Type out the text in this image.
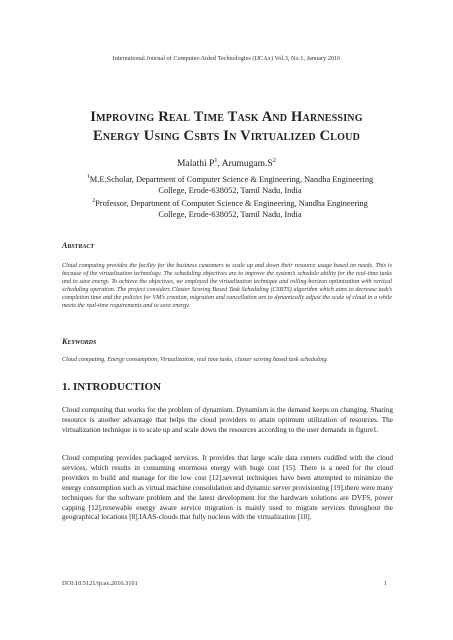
International Journal of Computer-Aided Technologies (IJCAx) Vol.3, No.1, January 2016
Improving Real Time Task And Harnessing
Energy Using Csbts In Virtualized Cloud
Malathi $P^1$, $Arumugam.S^2$
$^1$M.E.Scholar, Department of Computer Science & Engineering, Nandha Engineering
College, Erode-638052, Tamil Nadu, India
$^2$Professor, Department of Computer Science & Engineering, Nandha Engineering
College, Erode-638052, Tamil Nadu, India
Abstract
Cloud computing provides the facility for the business customers to scale up and down their resource usage based on needs. This is because of the virtualization technology. The scheduling objectives are to improve the system’s schedule ability for the real-time tasks and to save energy. To achieve the objectives, we employed the virtualization technique and rolling-horizon optimization with vertical scheduling operation. The project considers Cluster Scoring Based Task Scheduling (CSBTS) algorithm which aims to decrease task’s completion time and the policies for VM’s creation, migration and cancellation are to dynamically adjust the scale of cloud in a while meets the real-time requirements and to save energy.
Keywords
Cloud computing, Energy consumption, Virtualization, real time tasks, cluster scoring based task scheduling.
1. INTRODUCTION
Cloud computing that works for the problem of dynamism. Dynamism is the demand keeps on changing. Sharing resource is another advantage that helps the cloud providers to attain optimum utilization of resources. The virtualization technique is to scale up and scale down the resources according to the user demands in figure1.
Cloud computing provides packaged services. It provides that large scale data centers cuddled with the cloud services, which results in consuming enormous energy with huge cost [15]. There is a need for the cloud providers to build and manage for the low cost [12].several techniques have been attempted to minimize the energy consumption such as virtual machine consolidation and dynamic server provisioning [19].there were many techniques for the software problem and the latest development for the hardware solutions are DVFS, power capping [12].renewable energy aware service migration is mainly used to migrate services throughout the geographical locations [8].IAAS-clouds that fully nucleus with the virtualization [10].
DOI:10.5121/ijcax.2016.3101	1
